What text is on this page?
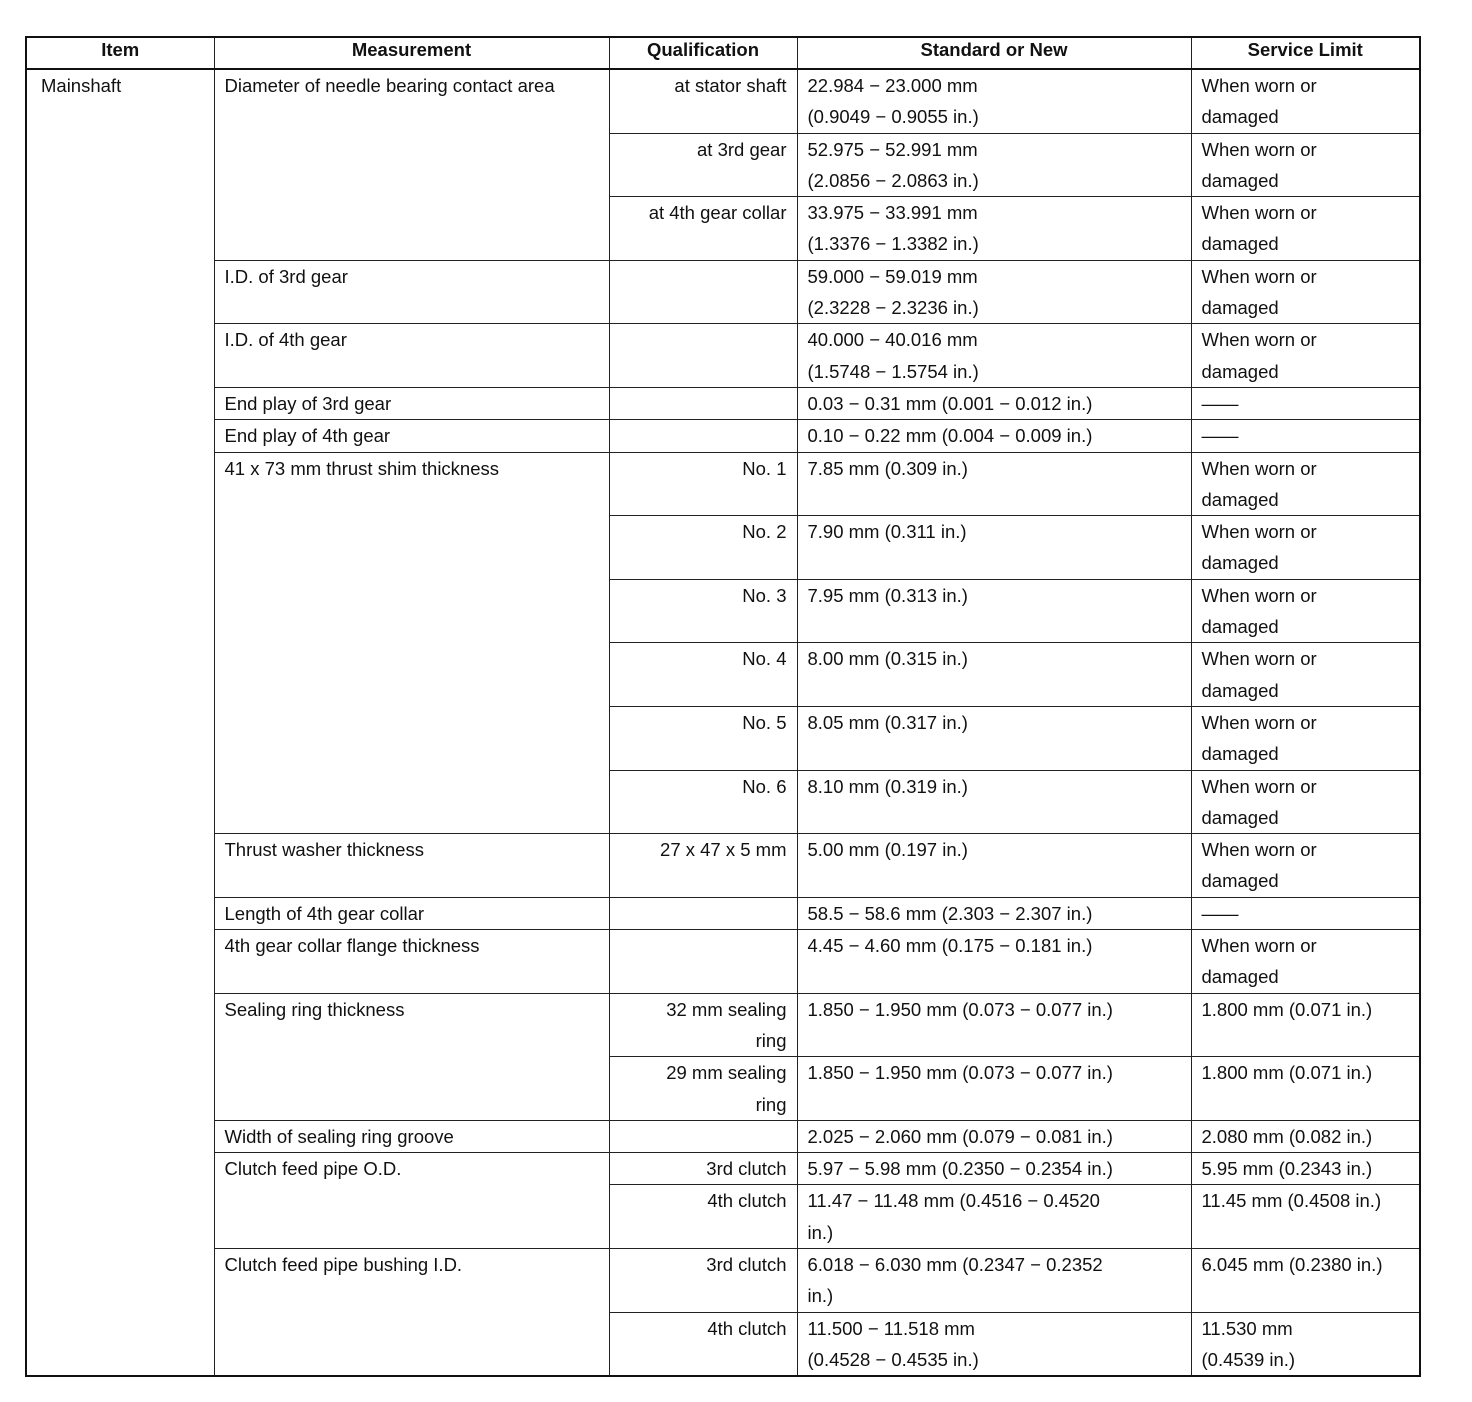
Item	Measurement	Qualification	Standard or New	Service Limit
Mainshaft	Diameter of needle bearing contact area	at stator shaft	22.984 − 23.000 mm
(0.9049 − 0.9055 in.)	When worn or
damaged
		at 3rd gear	52.975 − 52.991 mm
(2.0856 − 2.0863 in.)	When worn or
damaged
		at 4th gear collar	33.975 − 33.991 mm
(1.3376 − 1.3382 in.)	When worn or
damaged
	I.D. of 3rd gear		59.000 − 59.019 mm
(2.3228 − 2.3236 in.)	When worn or
damaged
	I.D. of 4th gear		40.000 − 40.016 mm
(1.5748 − 1.5754 in.)	When worn or
damaged
	End play of 3rd gear		0.03 − 0.31 mm (0.001 − 0.012 in.)	——
	End play of 4th gear		0.10 − 0.22 mm (0.004 − 0.009 in.)	——
	41 x 73 mm thrust shim thickness	No. 1	7.85 mm (0.309 in.)	When worn or
damaged
		No. 2	7.90 mm (0.311 in.)	When worn or
damaged
		No. 3	7.95 mm (0.313 in.)	When worn or
damaged
		No. 4	8.00 mm (0.315 in.)	When worn or
damaged
		No. 5	8.05 mm (0.317 in.)	When worn or
damaged
		No. 6	8.10 mm (0.319 in.)	When worn or
damaged
	Thrust washer thickness	27 x 47 x 5 mm	5.00 mm (0.197 in.)	When worn or
damaged
	Length of 4th gear collar		58.5 − 58.6 mm (2.303 − 2.307 in.)	——
	4th gear collar flange thickness		4.45 − 4.60 mm (0.175 − 0.181 in.)	When worn or
damaged
	Sealing ring thickness	32 mm sealing
ring	1.850 − 1.950 mm (0.073 − 0.077 in.)	1.800 mm (0.071 in.)
		29 mm sealing
ring	1.850 − 1.950 mm (0.073 − 0.077 in.)	1.800 mm (0.071 in.)
	Width of sealing ring groove		2.025 − 2.060 mm (0.079 − 0.081 in.)	2.080 mm (0.082 in.)
	Clutch feed pipe O.D.	3rd clutch	5.97 − 5.98 mm (0.2350 − 0.2354 in.)	5.95 mm (0.2343 in.)
		4th clutch	11.47 − 11.48 mm (0.4516 − 0.4520
in.)	11.45 mm (0.4508 in.)
	Clutch feed pipe bushing I.D.	3rd clutch	6.018 − 6.030 mm (0.2347 − 0.2352
in.)	6.045 mm (0.2380 in.)
		4th clutch	11.500 − 11.518 mm
(0.4528 − 0.4535 in.)	11.530 mm
(0.4539 in.)
